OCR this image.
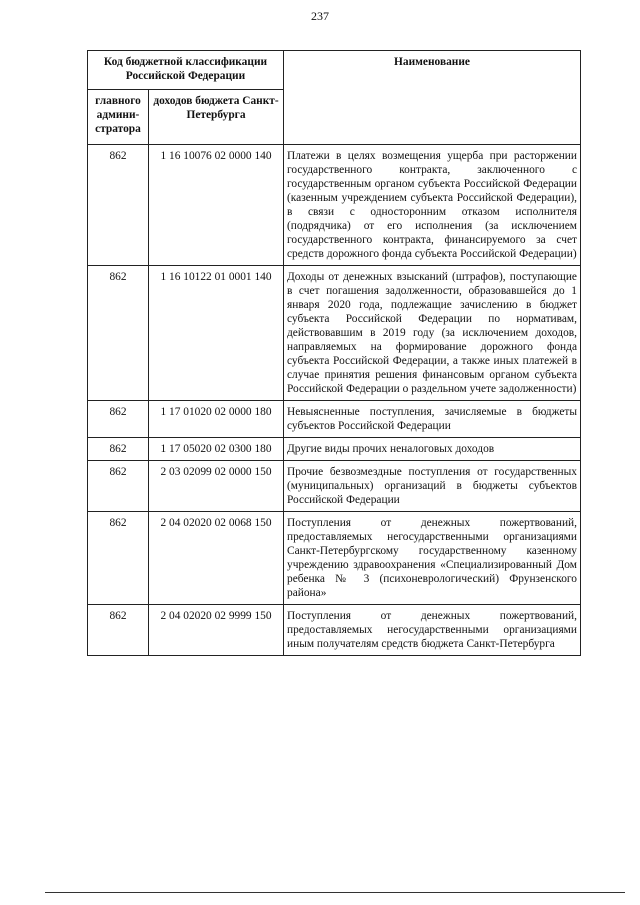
237
Код бюджетной классификации Российской Федерации		Наименование
главного админи-стратора	доходов бюджета Санкт-Петербурга	
862	1 16 10076 02 0000 140	Платежи в целях возмещения ущерба при расторжении государственного контракта, заключенного с государственным органом субъекта Российской Федерации (казенным учреждением субъекта Российской Федерации), в связи с односторонним отказом исполнителя (подрядчика) от его исполнения (за исключением государственного контракта, финансируемого за счет средств дорожного фонда субъекта Российской Федерации)
862	1 16 10122 01 0001 140	Доходы от денежных взысканий (штрафов), поступающие в счет погашения задолженности, образовавшейся до 1 января 2020 года, подлежащие зачислению в бюджет субъекта Российской Федерации по нормативам, действовавшим в 2019 году (за исключением доходов, направляемых на формирование дорожного фонда субъекта Российской Федерации, а также иных платежей в случае принятия решения финансовым органом субъекта Российской Федерации о раздельном учете задолженности)
862	1 17 01020 02 0000 180	Невыясненные поступления, зачисляемые в бюджеты субъектов Российской Федерации
862	1 17 05020 02 0300 180	Другие виды прочих неналоговых доходов
862	2 03 02099 02 0000 150	Прочие безвозмездные поступления от государственных (муниципальных) организаций в бюджеты субъектов Российской Федерации
862	2 04 02020 02 0068 150	Поступления от денежных пожертвований, предоставляемых негосударственными организациями Санкт-Петербургскому государственному казенному учреждению здравоохранения «Специализированный Дом ребенка № 3 (психоневрологический) Фрунзенского района»
862	2 04 02020 02 9999 150	Поступления от денежных пожертвований, предоставляемых негосударственными организациями иным получателям средств бюджета Санкт-Петербурга
